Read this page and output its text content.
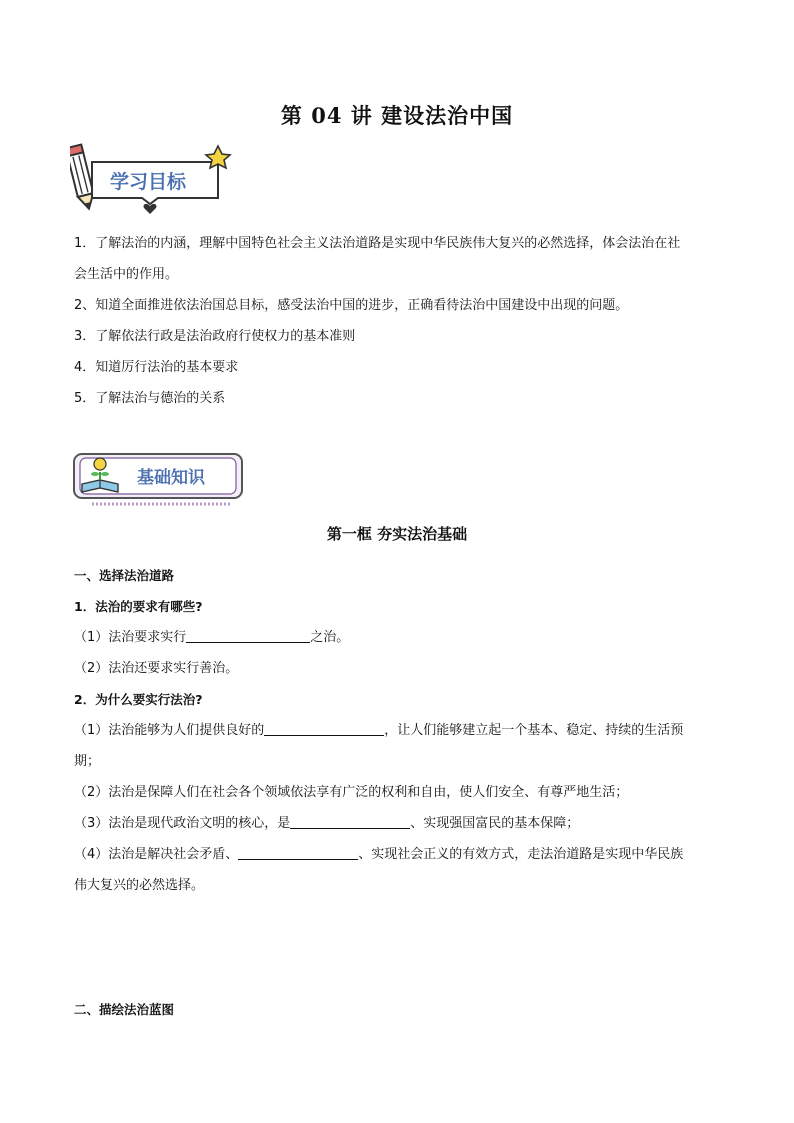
第 04 讲 建设法治中国
学习目标

1．了解法治的内涵，理解中国特色社会主义法治道路是实现中华民族伟大复兴的必然选择，体会法治在社

会生活中的作用。

2、知道全面推进依法治国总目标，感受法治中国的进步，正确看待法治中国建设中出现的问题。

3．了解依法行政是法治政府行使权力的基本准则

4．知道厉行法治的基本要求

5．了解法治与德治的关系

基础知识
第一框 夯实法治基础

一、选择法治道路

1．法治的要求有哪些?

（1）法治要求实行	之治。

（2）法治还要求实行善治。

2．为什么要实行法治?

（1）法治能够为人们提供良好的	，让人们能够建立起一个基本、稳定、持续的生活预

期；

（2）法治是保障人们在社会各个领域依法享有广泛的权利和自由，使人们安全、有尊严地生活；

（3）法治是现代政治文明的核心，是	、实现强国富民的基本保障；

（4）法治是解决社会矛盾、	、实现社会正义的有效方式，走法治道路是实现中华民族

伟大复兴的必然选择。

二、描绘法治蓝图
